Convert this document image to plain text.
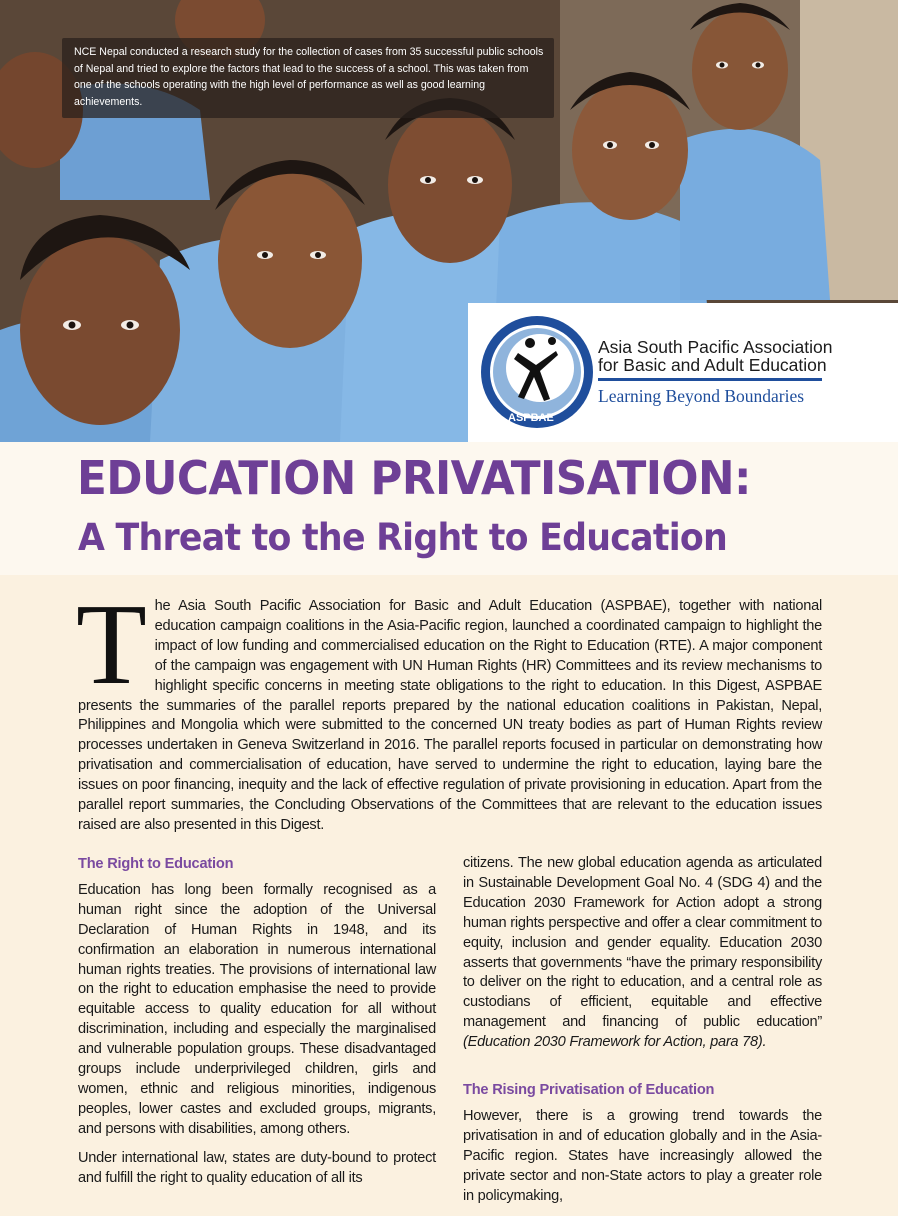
NCE Nepal conducted a research study for the collection of cases from 35 successful public schools of Nepal and tried to explore the factors that lead to the success of a school. This was taken from one of the schools operating with the high level of performance as well as good learning achievements.

ASPBAE

Asia South Pacific Association
for Basic and Adult Education

Learning Beyond Boundaries

EDUCATION PRIVATISATION:
A Threat to the Right to Education

The Asia South Pacific Association for Basic and Adult Education (ASPBAE), together with national education campaign coalitions in the Asia-Pacific region, launched a coordinated campaign to highlight the impact of low funding and commercialised education on the Right to Education (RTE). A major component of the campaign was engagement with UN Human Rights (HR) Committees and its review mechanisms to highlight specific concerns in meeting state obligations to the right to education. In this Digest, ASPBAE presents the summaries of the parallel reports prepared by the national education coalitions in Pakistan, Nepal, Philippines and Mongolia which were submitted to the concerned UN treaty bodies as part of Human Rights review processes undertaken in Geneva Switzerland in 2016. The parallel reports focused in particular on demonstrating how privatisation and commercialisation of education, have served to undermine the right to education, laying bare the issues on poor financing, inequity and the lack of effective regulation of private provisioning in education. Apart from the parallel report summaries, the Concluding Observations of the Committees that are relevant to the education issues raised are also presented in this Digest.

The Right to Education

Education has long been formally recognised as a human right since the adoption of the Universal Declaration of Human Rights in 1948, and its confirmation an elaboration in numerous international human rights treaties. The provisions of international law on the right to education emphasise the need to provide equitable access to quality education for all without discrimination, including and especially the marginalised and vulnerable population groups. These disadvantaged groups include underprivileged children, girls and women, ethnic and religious minorities, indigenous peoples, lower castes and excluded groups, migrants, and persons with disabilities, among others.

Under international law, states are duty-bound to protect and fulfill the right to quality education of all its

citizens. The new global education agenda as articulated in Sustainable Development Goal No. 4 (SDG 4) and the Education 2030 Framework for Action adopt a strong human rights perspective and offer a clear commitment to equity, inclusion and gender equality. Education 2030 asserts that governments “have the primary responsibility to deliver on the right to education, and a central role as custodians of efficient, equitable and effective management and financing of public education” (Education 2030 Framework for Action, para 78).

The Rising Privatisation of Education

However, there is a growing trend towards the privatisation in and of education globally and in the Asia-Pacific region. States have increasingly allowed the private sector and non-State actors to play a greater role in policymaking,
